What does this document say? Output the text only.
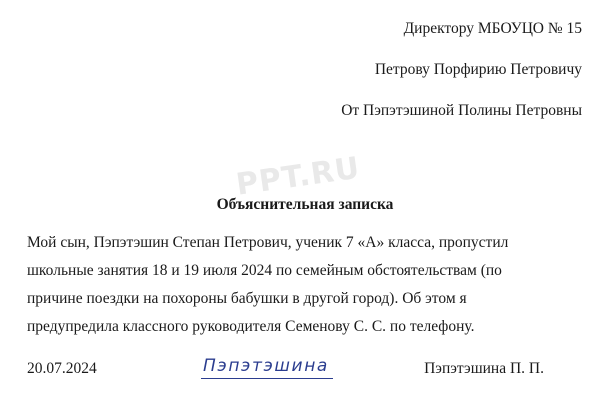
Директору МБОУЦО № 15
Петрову Порфирию Петровичу
От Пэпэтэшиной Полины Петровны
PPT.RU
Объяснительная записка
Мой сын, Пэпэтэшин Степан Петрович, ученик 7 «А» класса, пропустил
школьные занятия 18 и 19 июля 2024 по семейным обстоятельствам (по
причине поездки на похороны бабушки в другой город). Об этом я
предупредила классного руководителя Семенову С. С. по телефону.
20.07.2024	Пэпэтэшина	Пэпэтэшина П. П.
